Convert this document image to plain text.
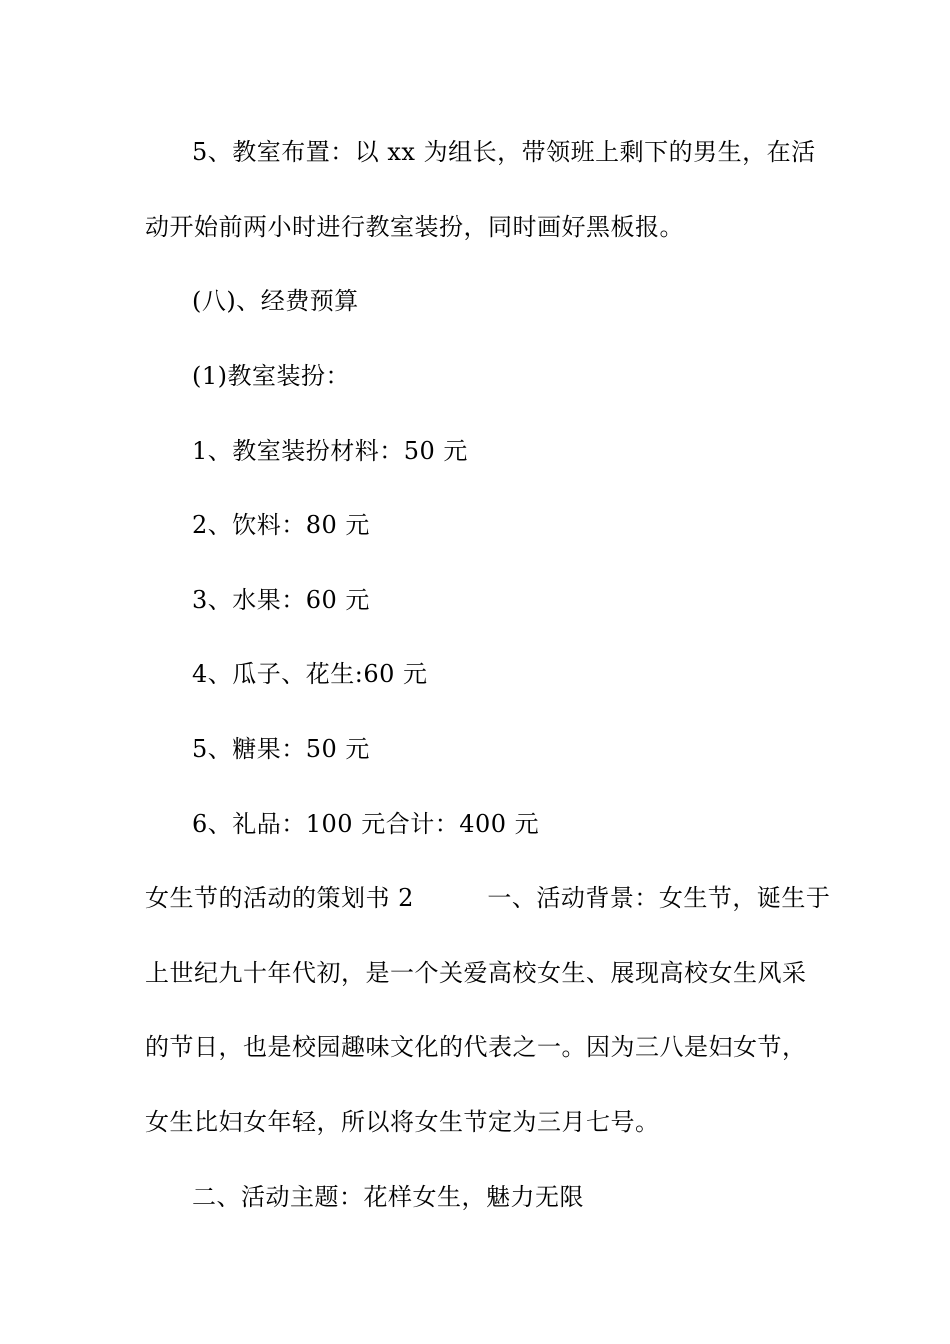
5、教室布置：以 xx 为组长，带领班上剩下的男生，在活
动开始前两小时进行教室装扮，同时画好黑板报。
(八)、经费预算
(1)教室装扮：
1、教室装扮材料：50 元
2、饮料：80 元
3、水果：60 元
4、瓜子、花生:60 元
5、糖果：50 元
6、礼品：100 元合计：400 元
女生节的活动的策划书 2　　　一、活动背景：女生节，诞生于
上世纪九十年代初，是一个关爱高校女生、展现高校女生风采
的节日，也是校园趣味文化的代表之一。因为三八是妇女节，
女生比妇女年轻，所以将女生节定为三月七号。
二、活动主题：花样女生，魅力无限
